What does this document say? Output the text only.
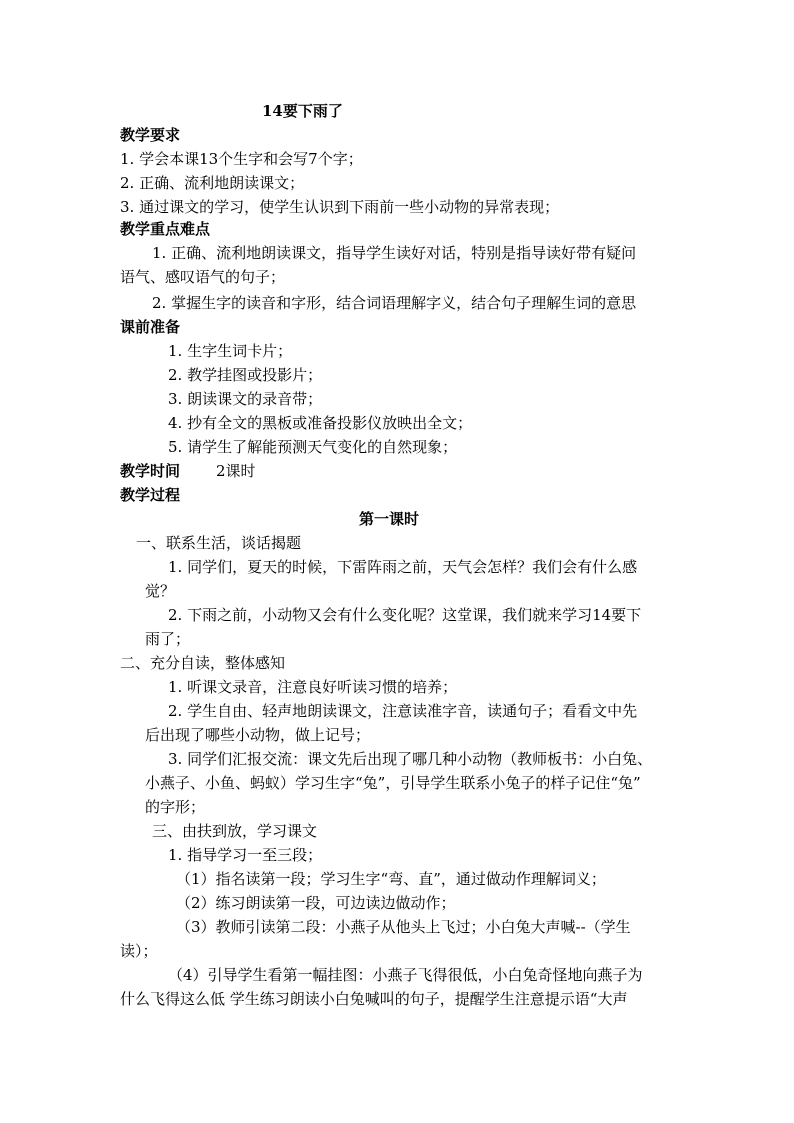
14要下雨了
教学要求
1. 学会本课13个生字和会写7个字；
2. 正确、流利地朗读课文；
3. 通过课文的学习，使学生认识到下雨前一些小动物的异常表现；
教学重点难点
1. 正确、流利地朗读课文，指导学生读好对话，特别是指导读好带有疑问
语气、感叹语气的句子；
2. 掌握生字的读音和字形，结合词语理解字义，结合句子理解生词的意思
课前准备
1. 生字生词卡片；
2. 教学挂图或投影片；
3. 朗读课文的录音带；
4. 抄有全文的黑板或准备投影仪放映出全文；
5. 请学生了解能预测天气变化的自然现象；
教学时间 2课时
教学过程
第一课时
一、联系生活，谈话揭题
1. 同学们，夏天的时候，下雷阵雨之前，天气会怎样？我们会有什么感
觉？
2. 下雨之前，小动物又会有什么变化呢？这堂课，我们就来学习14要下
雨了；
二、充分自读，整体感知
1. 听课文录音，注意良好听读习惯的培养；
2. 学生自由、轻声地朗读课文，注意读准字音，读通句子；看看文中先
后出现了哪些小动物，做上记号；
3. 同学们汇报交流：课文先后出现了哪几种小动物（教师板书：小白兔、
小燕子、小鱼、蚂蚁）学习生字“兔”，引导学生联系小兔子的样子记住“兔”
的字形；
三、由扶到放，学习课文
1. 指导学习一至三段；
（1）指名读第一段；学习生字“弯、直”，通过做动作理解词义；
（2）练习朗读第一段，可边读边做动作；
（3）教师引读第二段：小燕子从他头上飞过；小白兔大声喊--（学生
读）；
（4）引导学生看第一幅挂图：小燕子飞得很低，小白兔奇怪地向燕子为
什么飞得这么低 学生练习朗读小白兔喊叫的句子，提醒学生注意提示语“大声
